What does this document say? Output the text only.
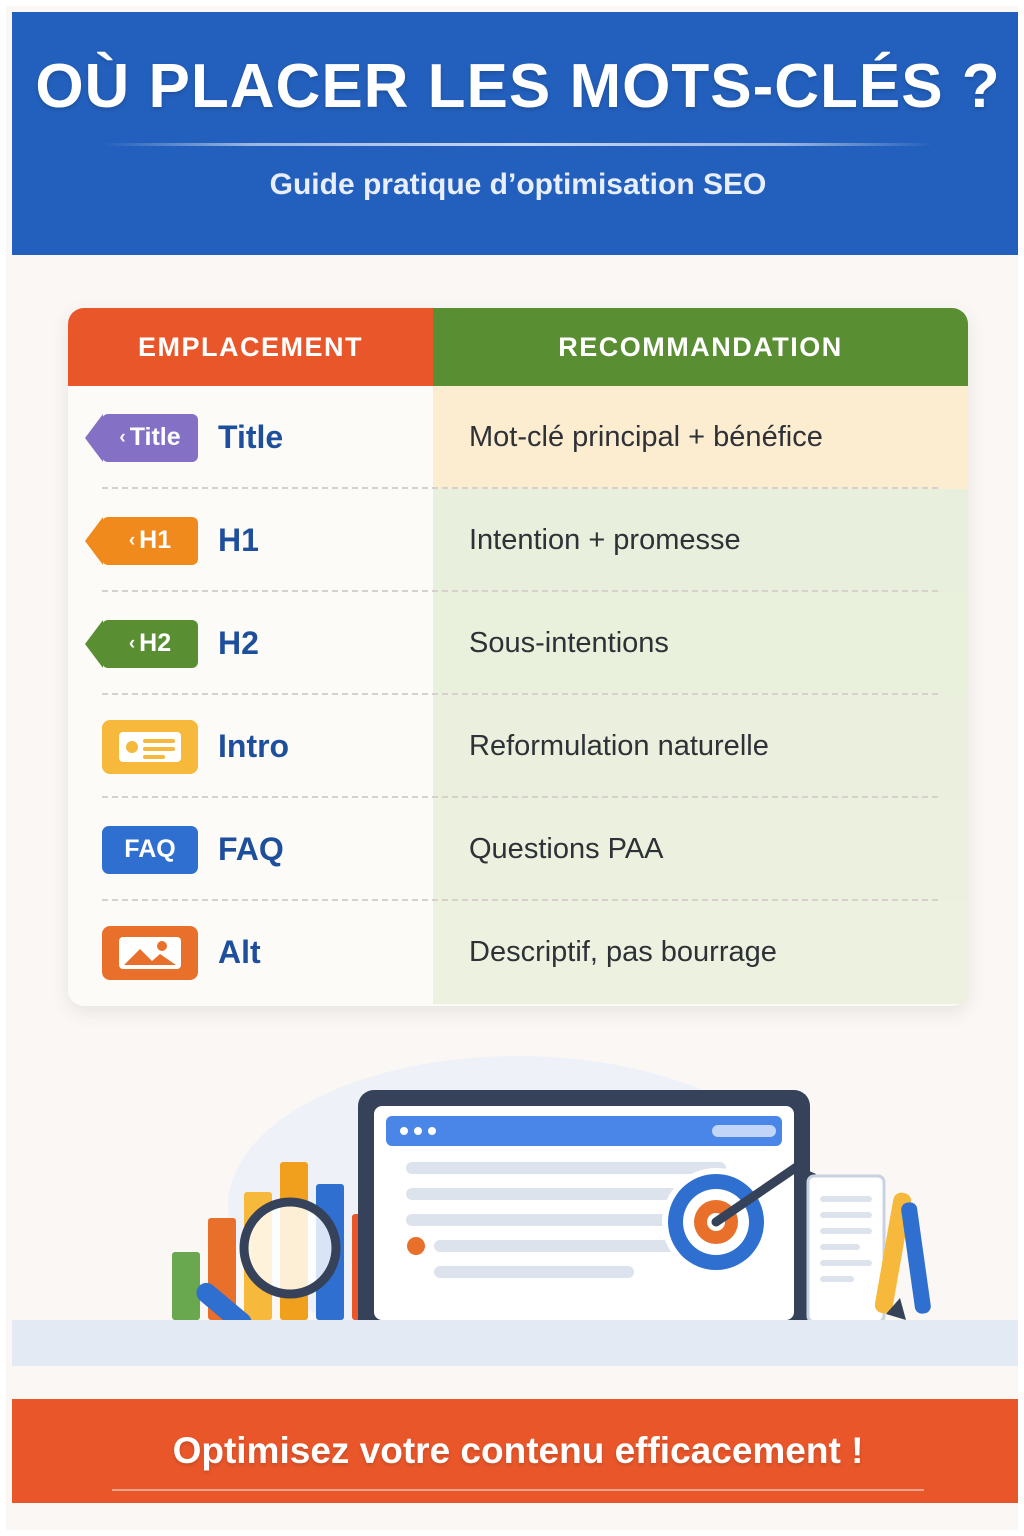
OÙ PLACER LES MOTS-CLÉS ?
Guide pratique d’optimisation SEO
EMPLACEMENT	RECOMMANDATION
‹ Title Title	Mot-clé principal + bénéfice
‹ H1 H1	Intention + promesse
‹ H2 H2	Sous-intentions
Intro	Reformulation naturelle
FAQ FAQ	Questions PAA
Alt	Descriptif, pas bourrage
Optimisez votre contenu efficacement !
